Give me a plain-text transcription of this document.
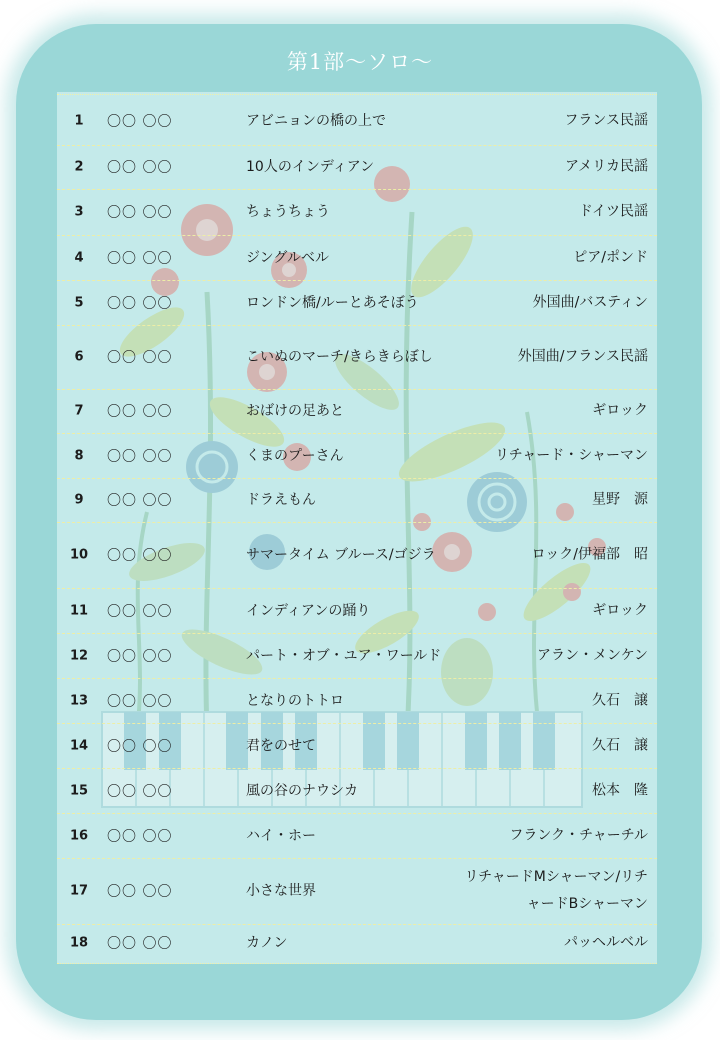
第1部〜ソロ〜
1	〇〇 〇〇	アビニョンの橋の上で	フランス民謡
2	〇〇 〇〇	10人のインディアン	アメリカ民謡
3	〇〇 〇〇	ちょうちょう	ドイツ民謡
4	〇〇 〇〇	ジングルベル	ピア/ポンド
5	〇〇 〇〇	ロンドン橋/ルーとあそぼう	外国曲/バスティン
6	〇〇 〇〇	こいぬのマーチ/きらきらぼし	外国曲/フランス民謡
7	〇〇 〇〇	おばけの足あと	ギロック
8	〇〇 〇〇	くまのプーさん	リチャード・シャーマン
9	〇〇 〇〇	ドラえもん	星野　源
10	〇〇 〇〇	サマータイム ブルース/ゴジラ	ロック/伊福部　昭
11	〇〇 〇〇	インディアンの踊り	ギロック
12	〇〇 〇〇	パート・オブ・ユア・ワールド	アラン・メンケン
13	〇〇 〇〇	となりのトトロ	久石　譲
14	〇〇 〇〇	君をのせて	久石　譲
15	〇〇 〇〇	風の谷のナウシカ	松本　隆
16	〇〇 〇〇	ハイ・ホー	フランク・チャーチル
17	〇〇 〇〇	小さな世界
リチャードMシャーマン/リチャードBシャーマン
18	〇〇 〇〇	カノン	パッヘルベル
